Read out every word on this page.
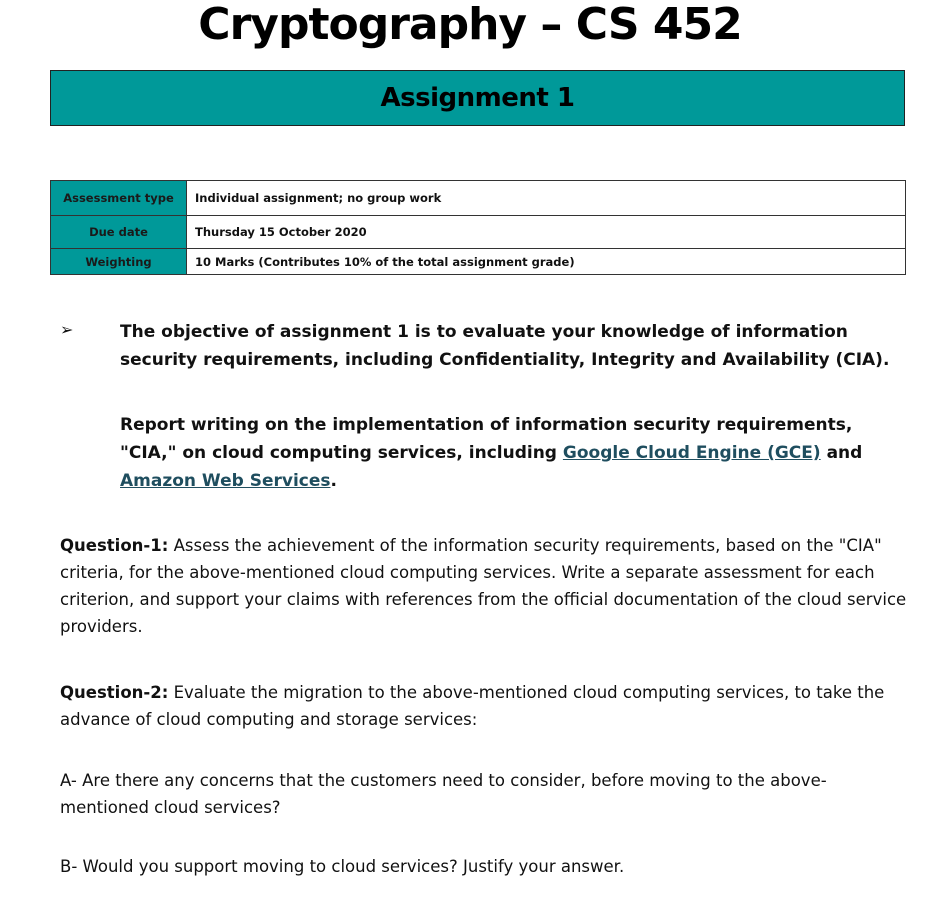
Cryptography – CS 452
Assignment 1
Assessment type	Individual assignment; no group work
Due date	Thursday 15 October 2020
Weighting	10 Marks (Contributes 10% of the total assignment grade)
➢	The objective of assignment 1 is to evaluate your knowledge of information security requirements, including Confidentiality, Integrity and Availability (CIA).

Report writing on the implementation of information security requirements, "CIA," on cloud computing services, including Google Cloud Engine (GCE) and Amazon Web Services.

Question-1: Assess the achievement of the information security requirements, based on the "CIA" criteria, for the above-mentioned cloud computing services. Write a separate assessment for each criterion, and support your claims with references from the official documentation of the cloud service providers.

Question-2: Evaluate the migration to the above-mentioned cloud computing services, to take the advance of cloud computing and storage services:

A- Are there any concerns that the customers need to consider, before moving to the above-mentioned cloud services?

B- Would you support moving to cloud services? Justify your answer.
